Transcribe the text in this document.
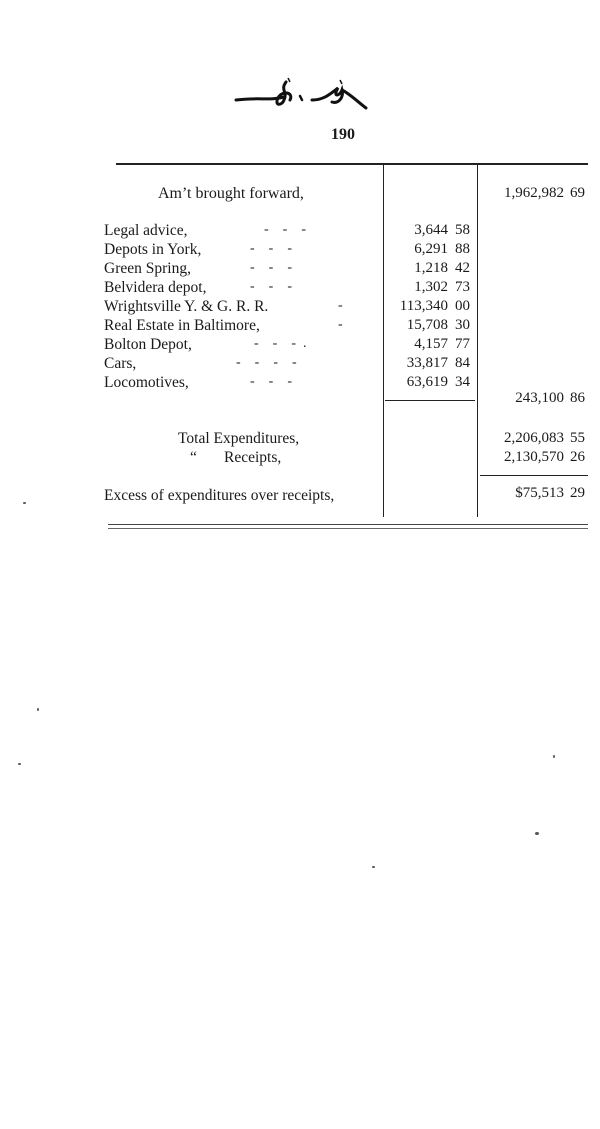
190
Am’t brought forward,	1,962,982 69
Legal advice,	-    -    -	3,644 58
Depots in York,	-    -    -	6,291 88
Green Spring,	-    -    -	1,218 42
Belvidera depot,	-    -    -	1,302 73
Wrightsville Y. & G. R. R.	-	113,340 00
Real Estate in Baltimore,	-	15,708 30
Bolton Depot,	-    -    -  .	4,157 77
Cars,	-    -    -    -	33,817 84
Locomotives,	-    -    -	63,619 34
243,100 86
Total Expenditures,	2,206,083 55
“ Receipts,	2,130,570 26
Excess of expenditures over receipts,	$75,513 29
